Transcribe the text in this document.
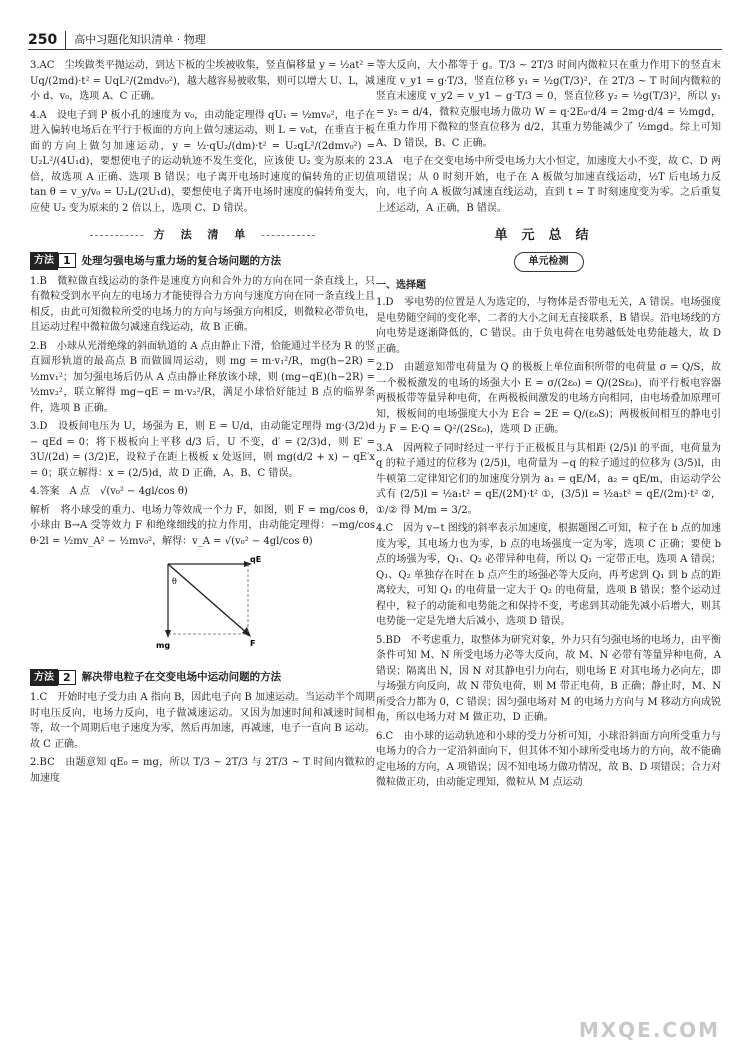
250	高中习题化知识清单 · 物理

3.AC　尘埃做类平抛运动，到达下板的尘埃被收集，竖直偏移量 y = ½at² = Uq/(2md)·t² = UqL²/(2mdv₀²)，越大越容易被收集，则可以增大 U、L，减小 d、v₀，选项 A、C 正确。

4.A　设电子到 P 板小孔的速度为 v₀，由动能定理得 qU₁ = ½mv₀²，电子在进入偏转电场后在平行于板面的方向上做匀速运动，则 L = v₀t，在垂直于板面的方向上做匀加速运动，y = ½·qU₂/(dm)·t² = U₂qL²/(2dmv₀²) = U₂L²/(4U₁d)，要想使电子的运动轨迹不发生变化，应该使 U₂ 变为原来的 2 倍，故选项 A 正确、选项 B 错误；电子离开电场时速度的偏转角的正切值 tan θ = v_y/v₀ = U₂L/(2U₁d)，要想使电子离开电场时速度的偏转角变大，应使 U₂ 变为原来的 2 倍以上，选项 C、D 错误。

方 法 清 单
方法 1	处理匀强电场与重力场的复合场问题的方法

1.B　微粒做直线运动的条件是速度方向和合外力的方向在同一条直线上，只有微粒受到水平向左的电场力才能使得合力方向与速度方向在同一条直线上且相反，由此可知微粒所受的电场力的方向与场强方向相反，则微粒必带负电，且运动过程中微粒做匀减速直线运动，故 B 正确。

2.B　小球从光滑绝缘的斜面轨道的 A 点由静止下滑，恰能通过半径为 R 的竖直圆形轨道的最高点 B 而做圆周运动，则 mg = m·v₁²/R，mg(h−2R) = ½mv₁²；加匀强电场后仍从 A 点由静止释放该小球，则 (mg−qE)(h−2R) = ½mv₂²，联立解得 mg−qE = m·v₂²/R，满足小球恰好能过 B 点的临界条件，选项 B 正确。

3.D　设板间电压为 U，场强为 E，则 E = U/d，由动能定理得 mg·(3/2)d − qEd = 0；将下极板向上平移 d/3 后，U 不变，d′ = (2/3)d，则 E′ = 3U/(2d) = (3/2)E，设粒子在距上极板 x 处返回，则 mg(d/2 + x) − qE′x = 0；联立解得：x = (2/5)d，故 D 正确，A、B、C 错误。

4.答案　A 点　√(v₀² − 4gl/cos θ)

解析　将小球受的重力、电场力等效成一个力 F，如图，则 F = mg/cos θ，小球由 B→A 受等效力 F 和绝缘细线的拉力作用，由动能定理得：−mg/cos θ·2l = ½mv_A² − ½mv₀²，解得：v_A = √(v₀² − 4gl/cos θ)

qE
θ
mg	F
方法 2	解决带电粒子在交变电场中运动问题的方法

1.C　开始时电子受力由 A 指向 B，因此电子向 B 加速运动。当运动半个周期时电压反向，电场力反向，电子做减速运动。又因为加速时间和减速时间相等，故一个周期后电子速度为零，然后再加速，再减速，电子一直向 B 运动。故 C 正确。

2.BC　由题意知 qE₀ = mg，所以 T/3 ~ 2T/3 与 2T/3 ~ T 时间内微粒的加速度

等大反向，大小都等于 g。T/3 ~ 2T/3 时间内微粒只在重力作用下的竖直末速度 v_y1 = g·T/3，竖直位移 y₁ = ½g(T/3)²，在 2T/3 ~ T 时间内微粒的竖直末速度 v_y2 = v_y1 − g·T/3 = 0，竖直位移 y₂ = ½g(T/3)²，所以 y₁ = y₂ = d/4，微粒克服电场力做功 W = q·2E₀·d/4 = 2mg·d/4 = ½mgd，在重力作用下微粒的竖直位移为 d/2，其重力势能减少了 ½mgd。综上可知 A、D 错误，B、C 正确。

3.A　电子在交变电场中所受电场力大小恒定，加速度大小不变，故 C、D 两项错误；从 0 时刻开始，电子在 A 板做匀加速直线运动，½T 后电场力反向，电子向 A 板做匀减速直线运动，直到 t = T 时刻速度变为零。之后重复上述运动，A 正确，B 错误。

单元总结
单元检测
一、选择题

1.D　零电势的位置是人为选定的，与物体是否带电无关，A 错误。电场强度是电势随空间的变化率，二者的大小之间无直接联系，B 错误。沿电场线的方向电势是逐渐降低的，C 错误。由于负电荷在电势越低处电势能越大，故 D 正确。

2.D　由题意知带电荷量为 Q 的极板上单位面积所带的电荷量 σ = Q/S，故一个极板激发的电场的场强大小 E = σ/(2ε₀) = Q/(2Sε₀)，而平行板电容器两极板带等量异种电荷，在两极板间激发的电场方向相同，由电场叠加原理可知，极板间的电场强度大小为 E合 = 2E = Q/(ε₀S)；两极板间相互的静电引力 F = E·Q = Q²/(2Sε₀)，选项 D 正确。

3.A　因两粒子同时经过一平行于正极板且与其相距 (2/5)l 的平面，电荷量为 q 的粒子通过的位移为 (2/5)l，电荷量为 −q 的粒子通过的位移为 (3/5)l，由牛顿第二定律知它们的加速度分别为 a₁ = qE/M，a₂ = qE/m，由运动学公式有 (2/5)l = ½a₁t² = qE/(2M)·t² ①，(3/5)l = ½a₂t² = qE/(2m)·t² ②，①/② 得 M/m = 3/2。

4.C　因为 v−t 图线的斜率表示加速度，根据题图乙可知，粒子在 b 点的加速度为零，其电场力也为零，b 点的电场强度一定为零，选项 C 正确；要使 b 点的场强为零，Q₁、Q₂ 必带异种电荷，所以 Q₁ 一定带正电，选项 A 错误；Q₁、Q₂ 单独存在时在 b 点产生的场强必等大反向，再考虑到 Q₁ 到 b 点的距离较大，可知 Q₁ 的电荷量一定大于 Q₂ 的电荷量，选项 B 错误；整个运动过程中，粒子的动能和电势能之和保持不变，考虑到其动能先减小后增大，则其电势能一定是先增大后减小，选项 D 错误。

5.BD　不考虑重力，取整体为研究对象，外力只有匀强电场的电场力，由平衡条件可知 M、N 所受电场力必等大反向，故 M、N 必带有等量异种电荷，A 错误；隔离出 N，因 N 对其静电引力向右，则电场 E 对其电场力必向左，即与场强方向反向，故 N 带负电荷，则 M 带正电荷，B 正确；静止时，M、N 所受合力都为 0，C 错误；因匀强电场对 M 的电场力方向与 M 移动方向成锐角，所以电场力对 M 做正功，D 正确。

6.C　由小球的运动轨迹和小球的受力分析可知，小球沿斜面方向所受重力与电场力的合力一定沿斜面向下，但其体不知小球所受电场力的方向，故不能确定电场的方向，A 项错误；因不知电场力做功情况，故 B、D 项错误；合力对微粒做正功，由动能定理知，微粒从 M 点运动

MXQE.COM
